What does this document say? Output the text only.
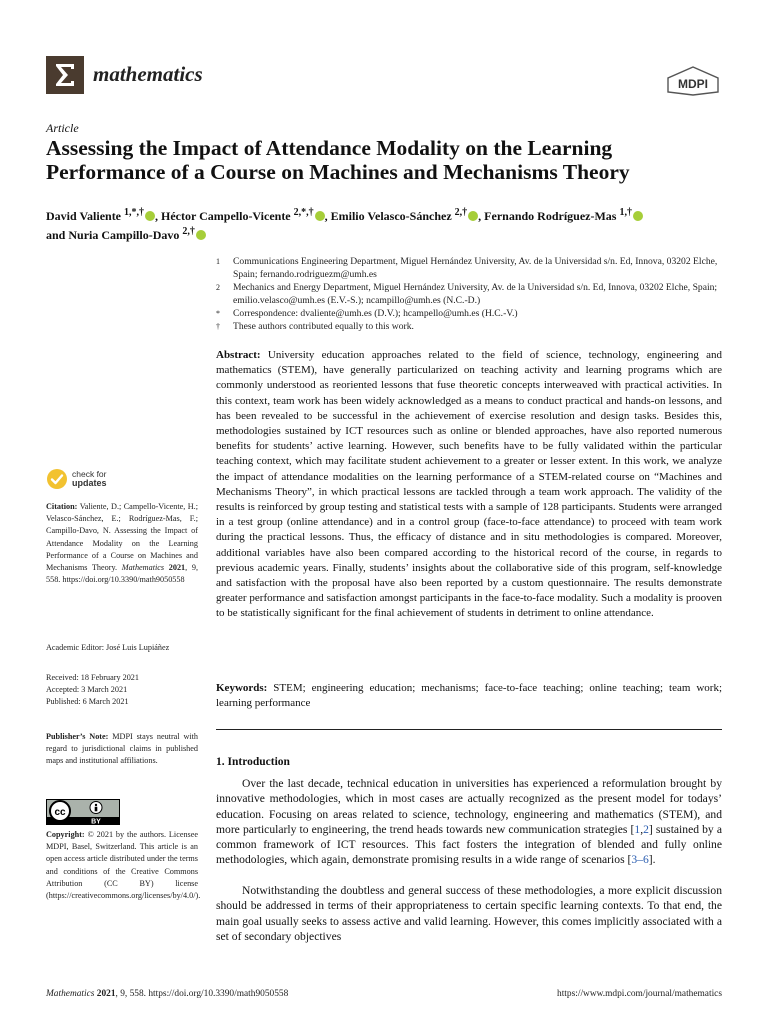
mathematics	MDPI
Article
Assessing the Impact of Attendance Modality on the Learning Performance of a Course on Machines and Mechanisms Theory
David Valiente $^{1,*,\dagger}$ , Héctor Campello-Vicente $^{2,*,\dagger}$ , Emilio Velasco-Sánchez $^{2,\dagger}$ , Fernando Rodríguez-Mas $^{1,\dagger}$
and Nuria Campillo-Davo $^{2,\dagger}$
1	Communications Engineering Department, Miguel Hernández University, Av. de la Universidad s/n. Ed, Innova, 03202 Elche, Spain; fernando.rodriguezm@umh.es
2	Mechanics and Energy Department, Miguel Hernández University, Av. de la Universidad s/n. Ed, Innova, 03202 Elche, Spain; emilio.velasco@umh.es (E.V.-S.); ncampillo@umh.es (N.C.-D.)
*	Correspondence: dvaliente@umh.es (D.V.); hcampello@umh.es (H.C.-V.)
†	These authors contributed equally to this work.
Abstract: University education approaches related to the field of science, technology, engineering and mathematics (STEM), have generally particularized on teaching activity and learning programs which are commonly understood as reoriented lessons that fuse theoretic concepts interweaved with practical activities. In this context, team work has been widely acknowledged as a means to conduct practical and hands-on lessons, and has been revealed to be successful in the achievement of exercise resolution and design tasks. Besides this, methodologies sustained by ICT resources such as online or blended approaches, have also reported numerous benefits for students’ active learning. However, such benefits have to be fully validated within the particular teaching context, which may facilitate student achievement to a greater or lesser extent. In this work, we analyze the impact of attendance modalities on the learning performance of a STEM-related course on “Machines and Mechanisms Theory”, in which practical lessons are tackled through a team work approach. The validity of the results is reinforced by group testing and statistical tests with a sample of 128 participants. Students were arranged in a test group (online attendance) and in a control group (face-to-face attendance) to proceed with team work during the practical lessons. Thus, the efficacy of distance and in situ methodologies is compared. Moreover, additional variables have also been compared according to the historical record of the course, in regards to previous academic years. Finally, students’ insights about the collaborative side of this program, self-knowledge and satisfaction with the proposal have also been reported by a custom questionnaire. The results demonstrate greater performance and satisfaction amongst participants in the face-to-face modality. Such a modality is prooven to be statistically significant for the final achievement of students in detriment to online attendance.
Keywords: STEM; engineering education; mechanisms; face-to-face teaching; online teaching; team work; learning performance
check for
updates
Citation: Valiente, D.; Campello-Vicente, H.; Velasco-Sánchez, E.; Rodríguez-Mas, F.; Campillo-Davo, N. Assessing the Impact of Attendance Modality on the Learning Performance of a Course on Machines and Mechanisms Theory. Mathematics 2021, 9, 558. https://doi.org/10.3390/math9050558
Academic Editor: José Luis Lupiáñez
Received: 18 February 2021
Accepted: 3 March 2021
Published: 6 March 2021
Publisher’s Note: MDPI stays neutral with regard to jurisdictional claims in published maps and institutional affiliations.
cc
BY
Copyright: © 2021 by the authors. Licensee MDPI, Basel, Switzerland. This article is an open access article distributed under the terms and conditions of the Creative Commons Attribution (CC BY) license (https://creativecommons.org/licenses/by/4.0/).
1. Introduction
Over the last decade, technical education in universities has experienced a reformulation brought by innovative methodologies, which in most cases are actually recognized as the present model for todays’ education. Focusing on areas related to science, technology, engineering and mathematics (STEM), and more particularly to engineering, the trend heads towards new communication strategies [1,2] sustained by a common framework of ICT resources. This fact fosters the integration of blended and fully online methodologies, which again, demonstrate promising results in a wide range of scenarios [3–6].
Notwithstanding the doubtless and general success of these methodologies, a more explicit discussion should be addressed in terms of their appropriateness to certain specific learning contexts. To that end, the main goal usually seeks to assess active and valid learning. However, this comes implicitly associated with a set of secondary objectives
Mathematics 2021, 9, 558. https://doi.org/10.3390/math9050558	https://www.mdpi.com/journal/mathematics
